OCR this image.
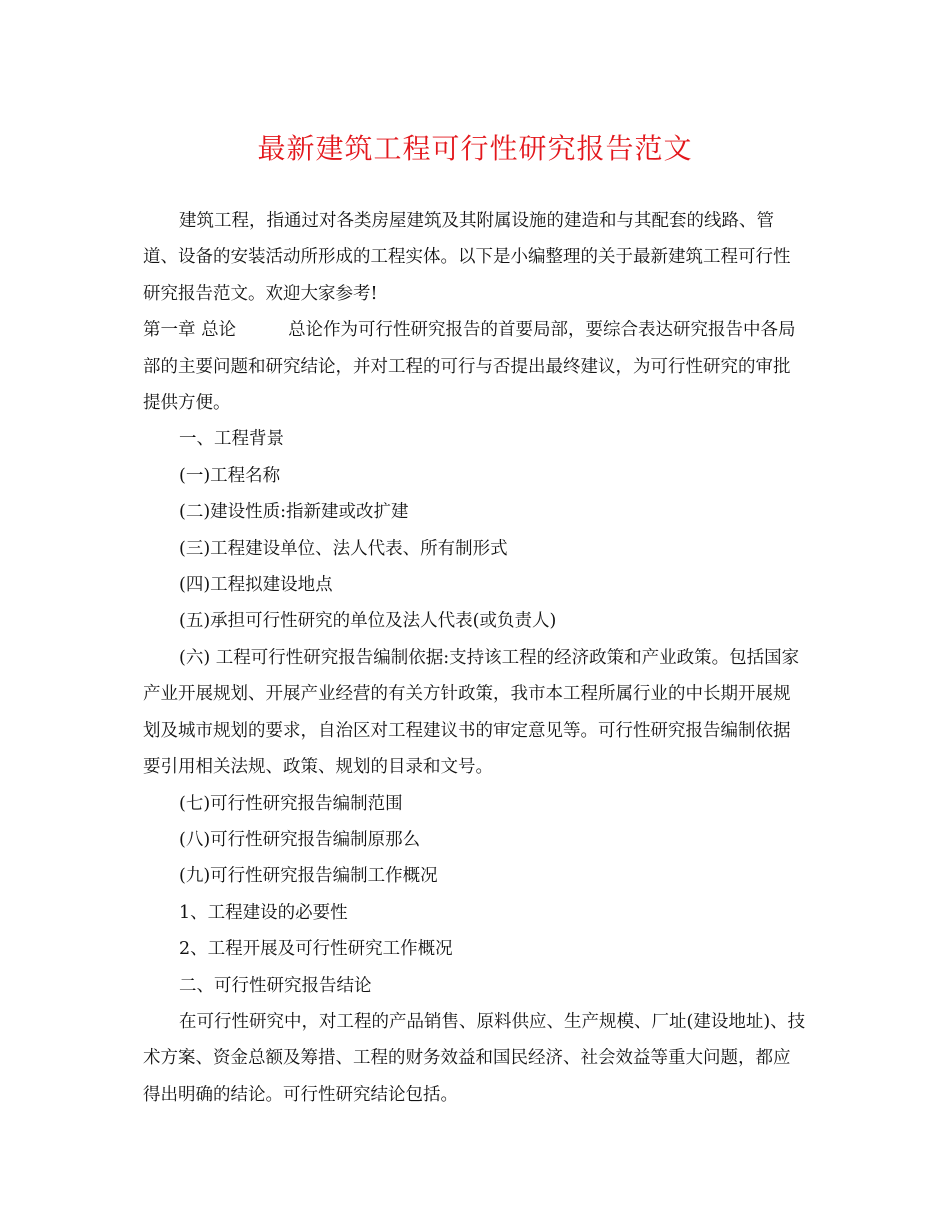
最新建筑工程可行性研究报告范文

建筑工程，指通过对各类房屋建筑及其附属设施的建造和与其配套的线路、管道、设备的安装活动所形成的工程实体。以下是小编整理的关于最新建筑工程可行性研究报告范文。欢迎大家参考!

第一章 总论	总论作为可行性研究报告的首要局部，要综合表达研究报告中各局部的主要问题和研究结论，并对工程的可行与否提出最终建议，为可行性研究的审批提供方便。

一、工程背景

(一)工程名称

(二)建设性质:指新建或改扩建

(三)工程建设单位、法人代表、所有制形式

(四)工程拟建设地点

(五)承担可行性研究的单位及法人代表(或负责人)

(六) 工程可行性研究报告编制依据:支持该工程的经济政策和产业政策。包括国家产业开展规划、开展产业经营的有关方针政策，我市本工程所属行业的中长期开展规划及城市规划的要求，自治区对工程建议书的审定意见等。可行性研究报告编制依据要引用相关法规、政策、规划的目录和文号。

(七)可行性研究报告编制范围

(八)可行性研究报告编制原那么

(九)可行性研究报告编制工作概况

1、工程建设的必要性

2、工程开展及可行性研究工作概况

二、可行性研究报告结论

在可行性研究中，对工程的产品销售、原料供应、生产规模、厂址(建设地址)、技术方案、资金总额及筹措、工程的财务效益和国民经济、社会效益等重大问题，都应得出明确的结论。可行性研究结论包括。
